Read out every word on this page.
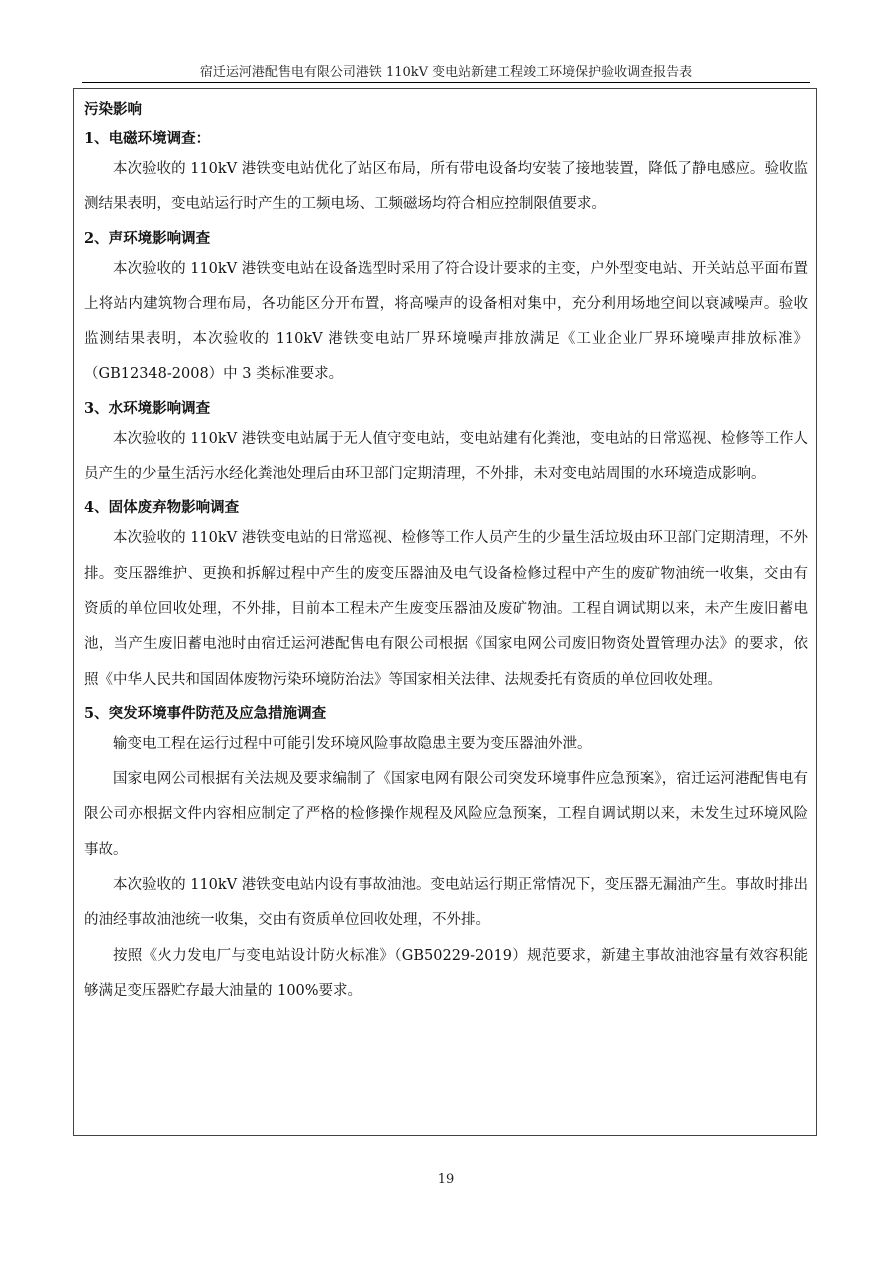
宿迁运河港配售电有限公司港铁 110kV 变电站新建工程竣工环境保护验收调查报告表

污染影响

1、电磁环境调查：

本次验收的 110kV 港铁变电站优化了站区布局，所有带电设备均安装了接地装置，降低了静电感应。验收监测结果表明，变电站运行时产生的工频电场、工频磁场均符合相应控制限值要求。

2、声环境影响调查

本次验收的 110kV 港铁变电站在设备选型时采用了符合设计要求的主变，户外型变电站、开关站总平面布置上将站内建筑物合理布局，各功能区分开布置，将高噪声的设备相对集中，充分利用场地空间以衰减噪声。验收监测结果表明，本次验收的 110kV 港铁变电站厂界环境噪声排放满足《工业企业厂界环境噪声排放标准》（GB12348-2008）中 3 类标准要求。

3、水环境影响调查

本次验收的 110kV 港铁变电站属于无人值守变电站，变电站建有化粪池，变电站的日常巡视、检修等工作人员产生的少量生活污水经化粪池处理后由环卫部门定期清理，不外排，未对变电站周围的水环境造成影响。

4、固体废弃物影响调查

本次验收的 110kV 港铁变电站的日常巡视、检修等工作人员产生的少量生活垃圾由环卫部门定期清理，不外排。变压器维护、更换和拆解过程中产生的废变压器油及电气设备检修过程中产生的废矿物油统一收集，交由有资质的单位回收处理，不外排，目前本工程未产生废变压器油及废矿物油。工程自调试期以来，未产生废旧蓄电池，当产生废旧蓄电池时由宿迁运河港配售电有限公司根据《国家电网公司废旧物资处置管理办法》的要求，依照《中华人民共和国固体废物污染环境防治法》等国家相关法律、法规委托有资质的单位回收处理。

5、突发环境事件防范及应急措施调查

输变电工程在运行过程中可能引发环境风险事故隐患主要为变压器油外泄。

国家电网公司根据有关法规及要求编制了《国家电网有限公司突发环境事件应急预案》，宿迁运河港配售电有限公司亦根据文件内容相应制定了严格的检修操作规程及风险应急预案，工程自调试期以来，未发生过环境风险事故。

本次验收的 110kV 港铁变电站内设有事故油池。变电站运行期正常情况下，变压器无漏油产生。事故时排出的油经事故油池统一收集，交由有资质单位回收处理，不外排。

按照《火力发电厂与变电站设计防火标准》（GB50229-2019）规范要求，新建主事故油池容量有效容积能够满足变压器贮存最大油量的 100%要求。

19
